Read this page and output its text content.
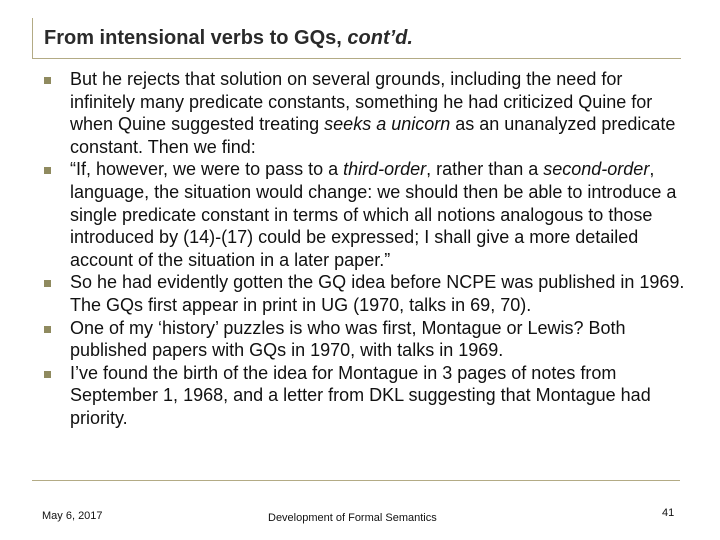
From intensional verbs to GQs, cont’d.
But he rejects that solution on several grounds, including the need for infinitely many predicate constants, something he had criticized Quine for when Quine suggested treating seeks a unicorn as an unanalyzed predicate constant. Then we find:
“If, however, we were to pass to a third-order, rather than a second-order, language, the situation would change: we should then be able to introduce a single predicate constant in terms of which all notions analogous to those introduced by (14)-(17) could be expressed; I shall give a more detailed account of the situation in a later paper.”
So he had evidently gotten the GQ idea before NCPE was published in 1969. The GQs first appear in print in UG (1970, talks in 69, 70).
One of my ‘history’ puzzles is who was first, Montague or Lewis? Both published papers with GQs in 1970, with talks in 1969.
I’ve found the birth of the idea for Montague in 3 pages of notes from September 1, 1968, and a letter from DKL suggesting that Montague had priority.
May 6, 2017	Development of Formal Semantics	41
